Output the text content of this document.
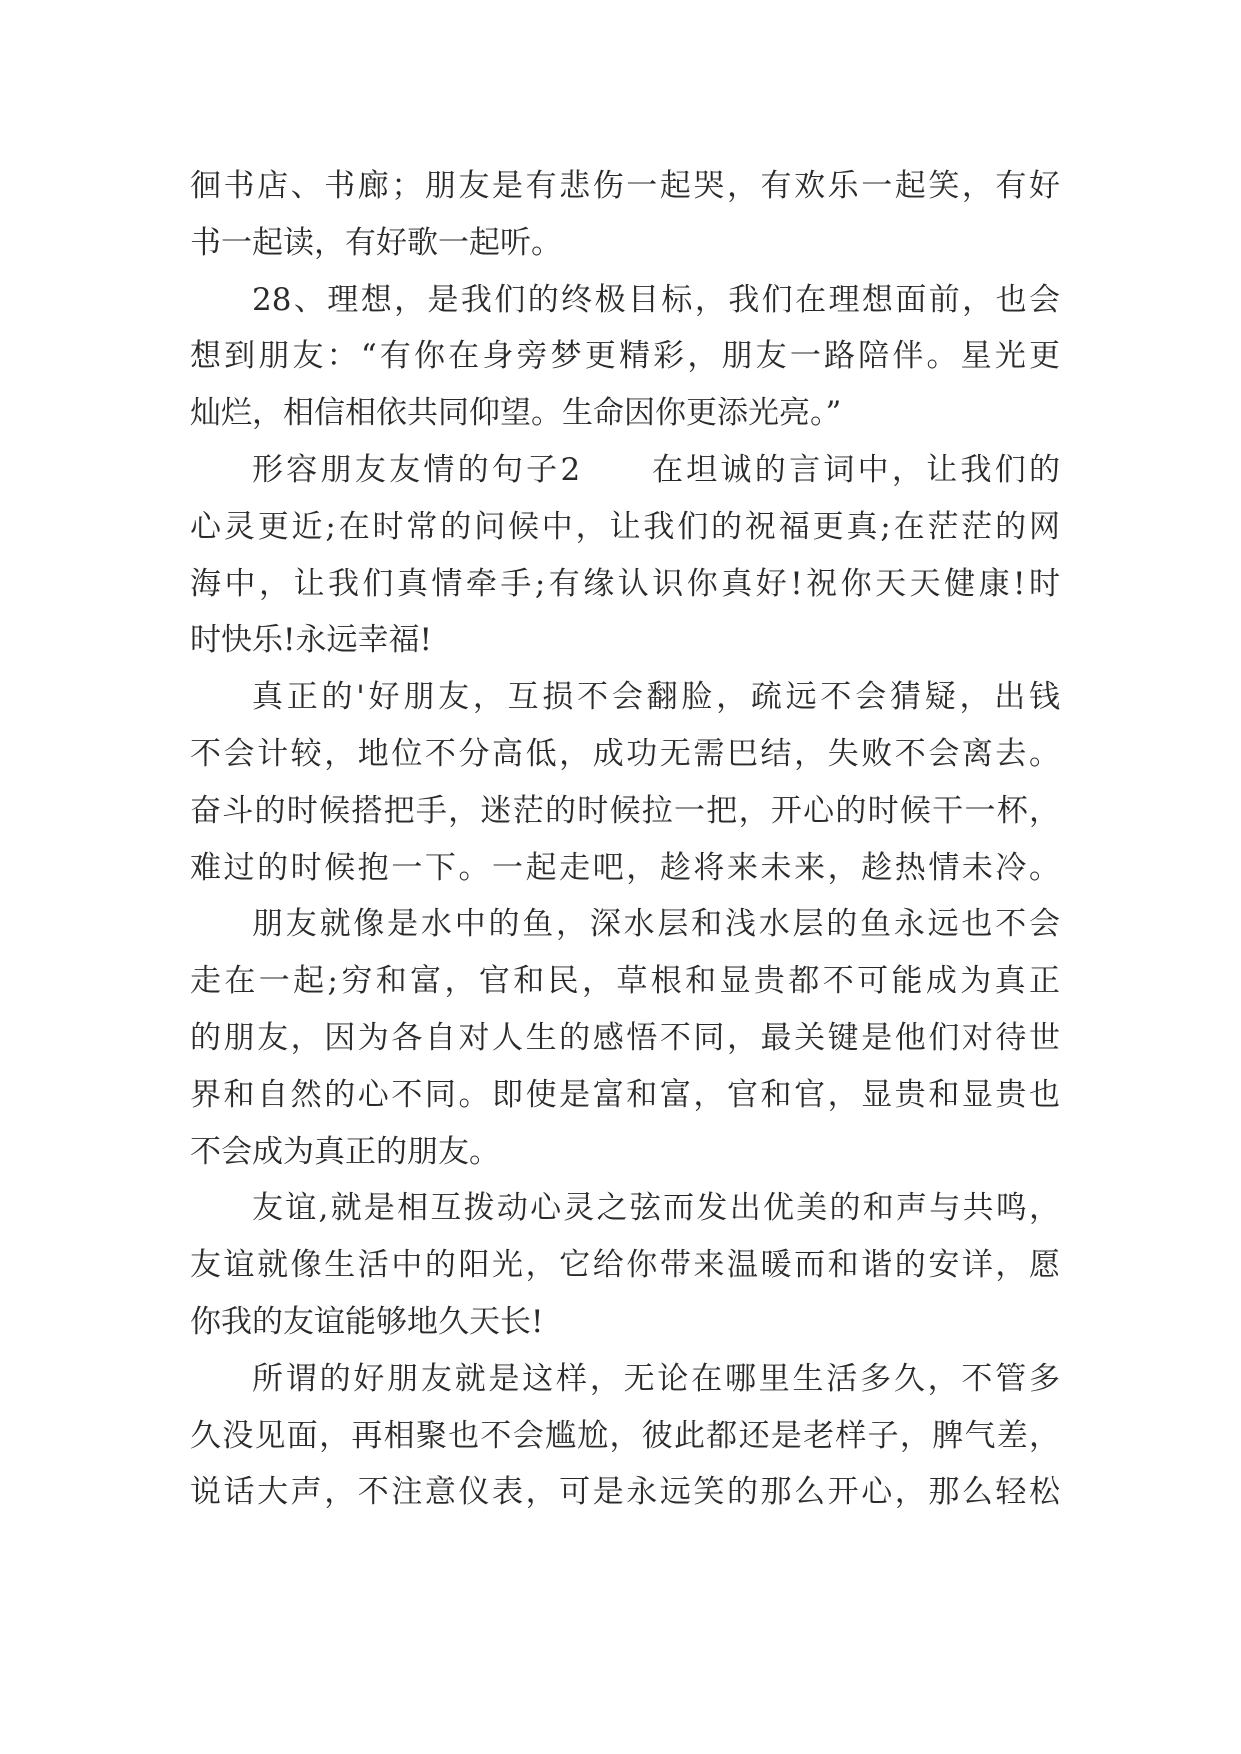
徊书店、书廊；朋友是有悲伤一起哭，有欢乐一起笑，有好
书一起读，有好歌一起听。

28、理想，是我们的终极目标，我们在理想面前，也会
想到朋友：“有你在身旁梦更精彩，朋友一路陪伴。星光更
灿烂，相信相依共同仰望。生命因你更添光亮。”

形容朋友友情的句子2　　在坦诚的言词中，让我们的
心灵更近;在时常的问候中，让我们的祝福更真;在茫茫的网
海中，让我们真情牵手;有缘认识你真好!祝你天天健康!时
时快乐!永远幸福!

真正的'好朋友，互损不会翻脸，疏远不会猜疑，出钱
不会计较，地位不分高低，成功无需巴结，失败不会离去。
奋斗的时候搭把手，迷茫的时候拉一把，开心的时候干一杯，
难过的时候抱一下。一起走吧，趁将来未来，趁热情未冷。

朋友就像是水中的鱼，深水层和浅水层的鱼永远也不会
走在一起;穷和富，官和民，草根和显贵都不可能成为真正
的朋友，因为各自对人生的感悟不同，最关键是他们对待世
界和自然的心不同。即使是富和富，官和官，显贵和显贵也
不会成为真正的朋友。

友谊,就是相互拨动心灵之弦而发出优美的和声与共鸣，
友谊就像生活中的阳光，它给你带来温暖而和谐的安详，愿
你我的友谊能够地久天长!

所谓的好朋友就是这样，无论在哪里生活多久，不管多
久没见面，再相聚也不会尴尬，彼此都还是老样子，脾气差，
说话大声，不注意仪表，可是永远笑的那么开心，那么轻松
